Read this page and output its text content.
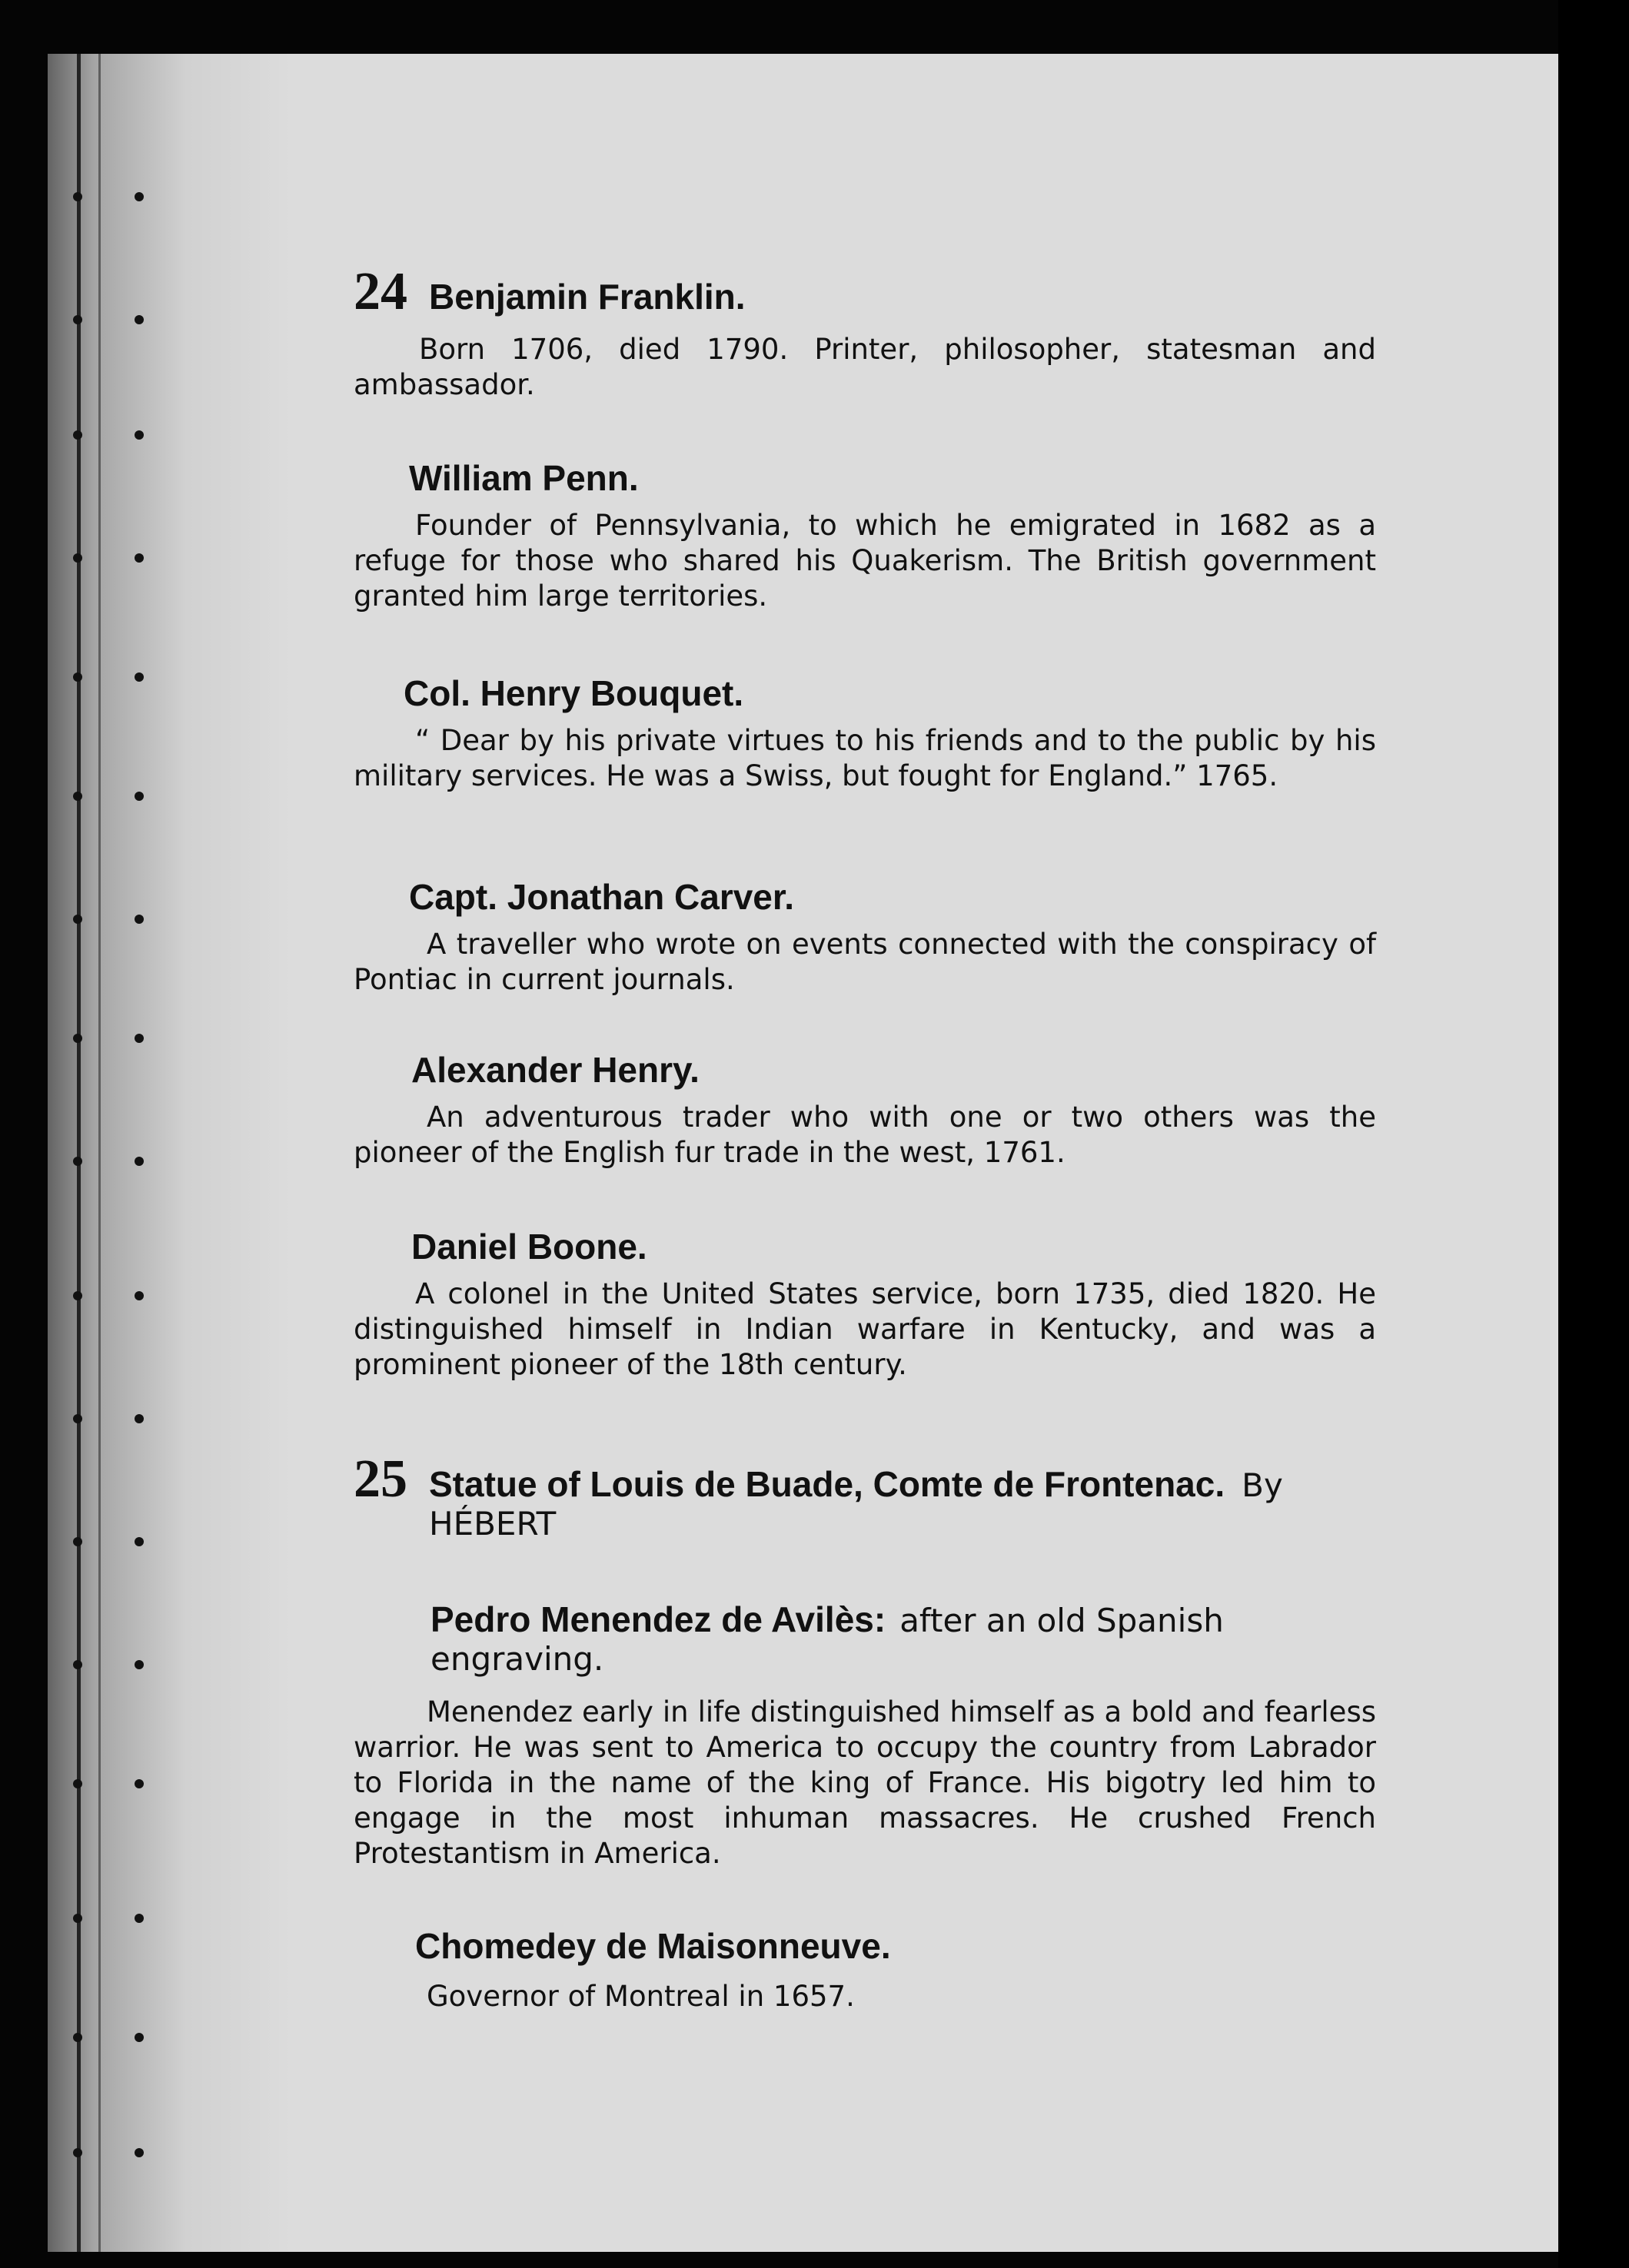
24 Benjamin Franklin.
Born 1706, died 1790. Printer, philosopher, statesman and ambassador.
William Penn.
Founder of Pennsylvania, to which he emigrated in 1682 as a refuge for those who shared his Quakerism. The British government granted him large territories.
Col. Henry Bouquet.
“ Dear by his private virtues to his friends and to the public by his military services. He was a Swiss, but fought for England.” 1765.
Capt. Jonathan Carver.
A traveller who wrote on events connected with the conspiracy of Pontiac in current journals.
Alexander Henry.
An adventurous trader who with one or two others was the pioneer of the English fur trade in the west, 1761.
Daniel Boone.
A colonel in the United States service, born 1735, died 1820. He distinguished himself in Indian warfare in Kentucky, and was a prominent pioneer of the 18th century.
25 Statue of Louis de Buade, Comte de Frontenac. By HÉBERT
Pedro Menendez de Avilès: after an old Spanish engraving.
Menendez early in life distinguished himself as a bold and fearless warrior. He was sent to America to occupy the country from Labrador to Florida in the name of the king of France. His bigotry led him to engage in the most inhuman massacres. He crushed French Protestantism in America.
Chomedey de Maisonneuve.
Governor of Montreal in 1657.
